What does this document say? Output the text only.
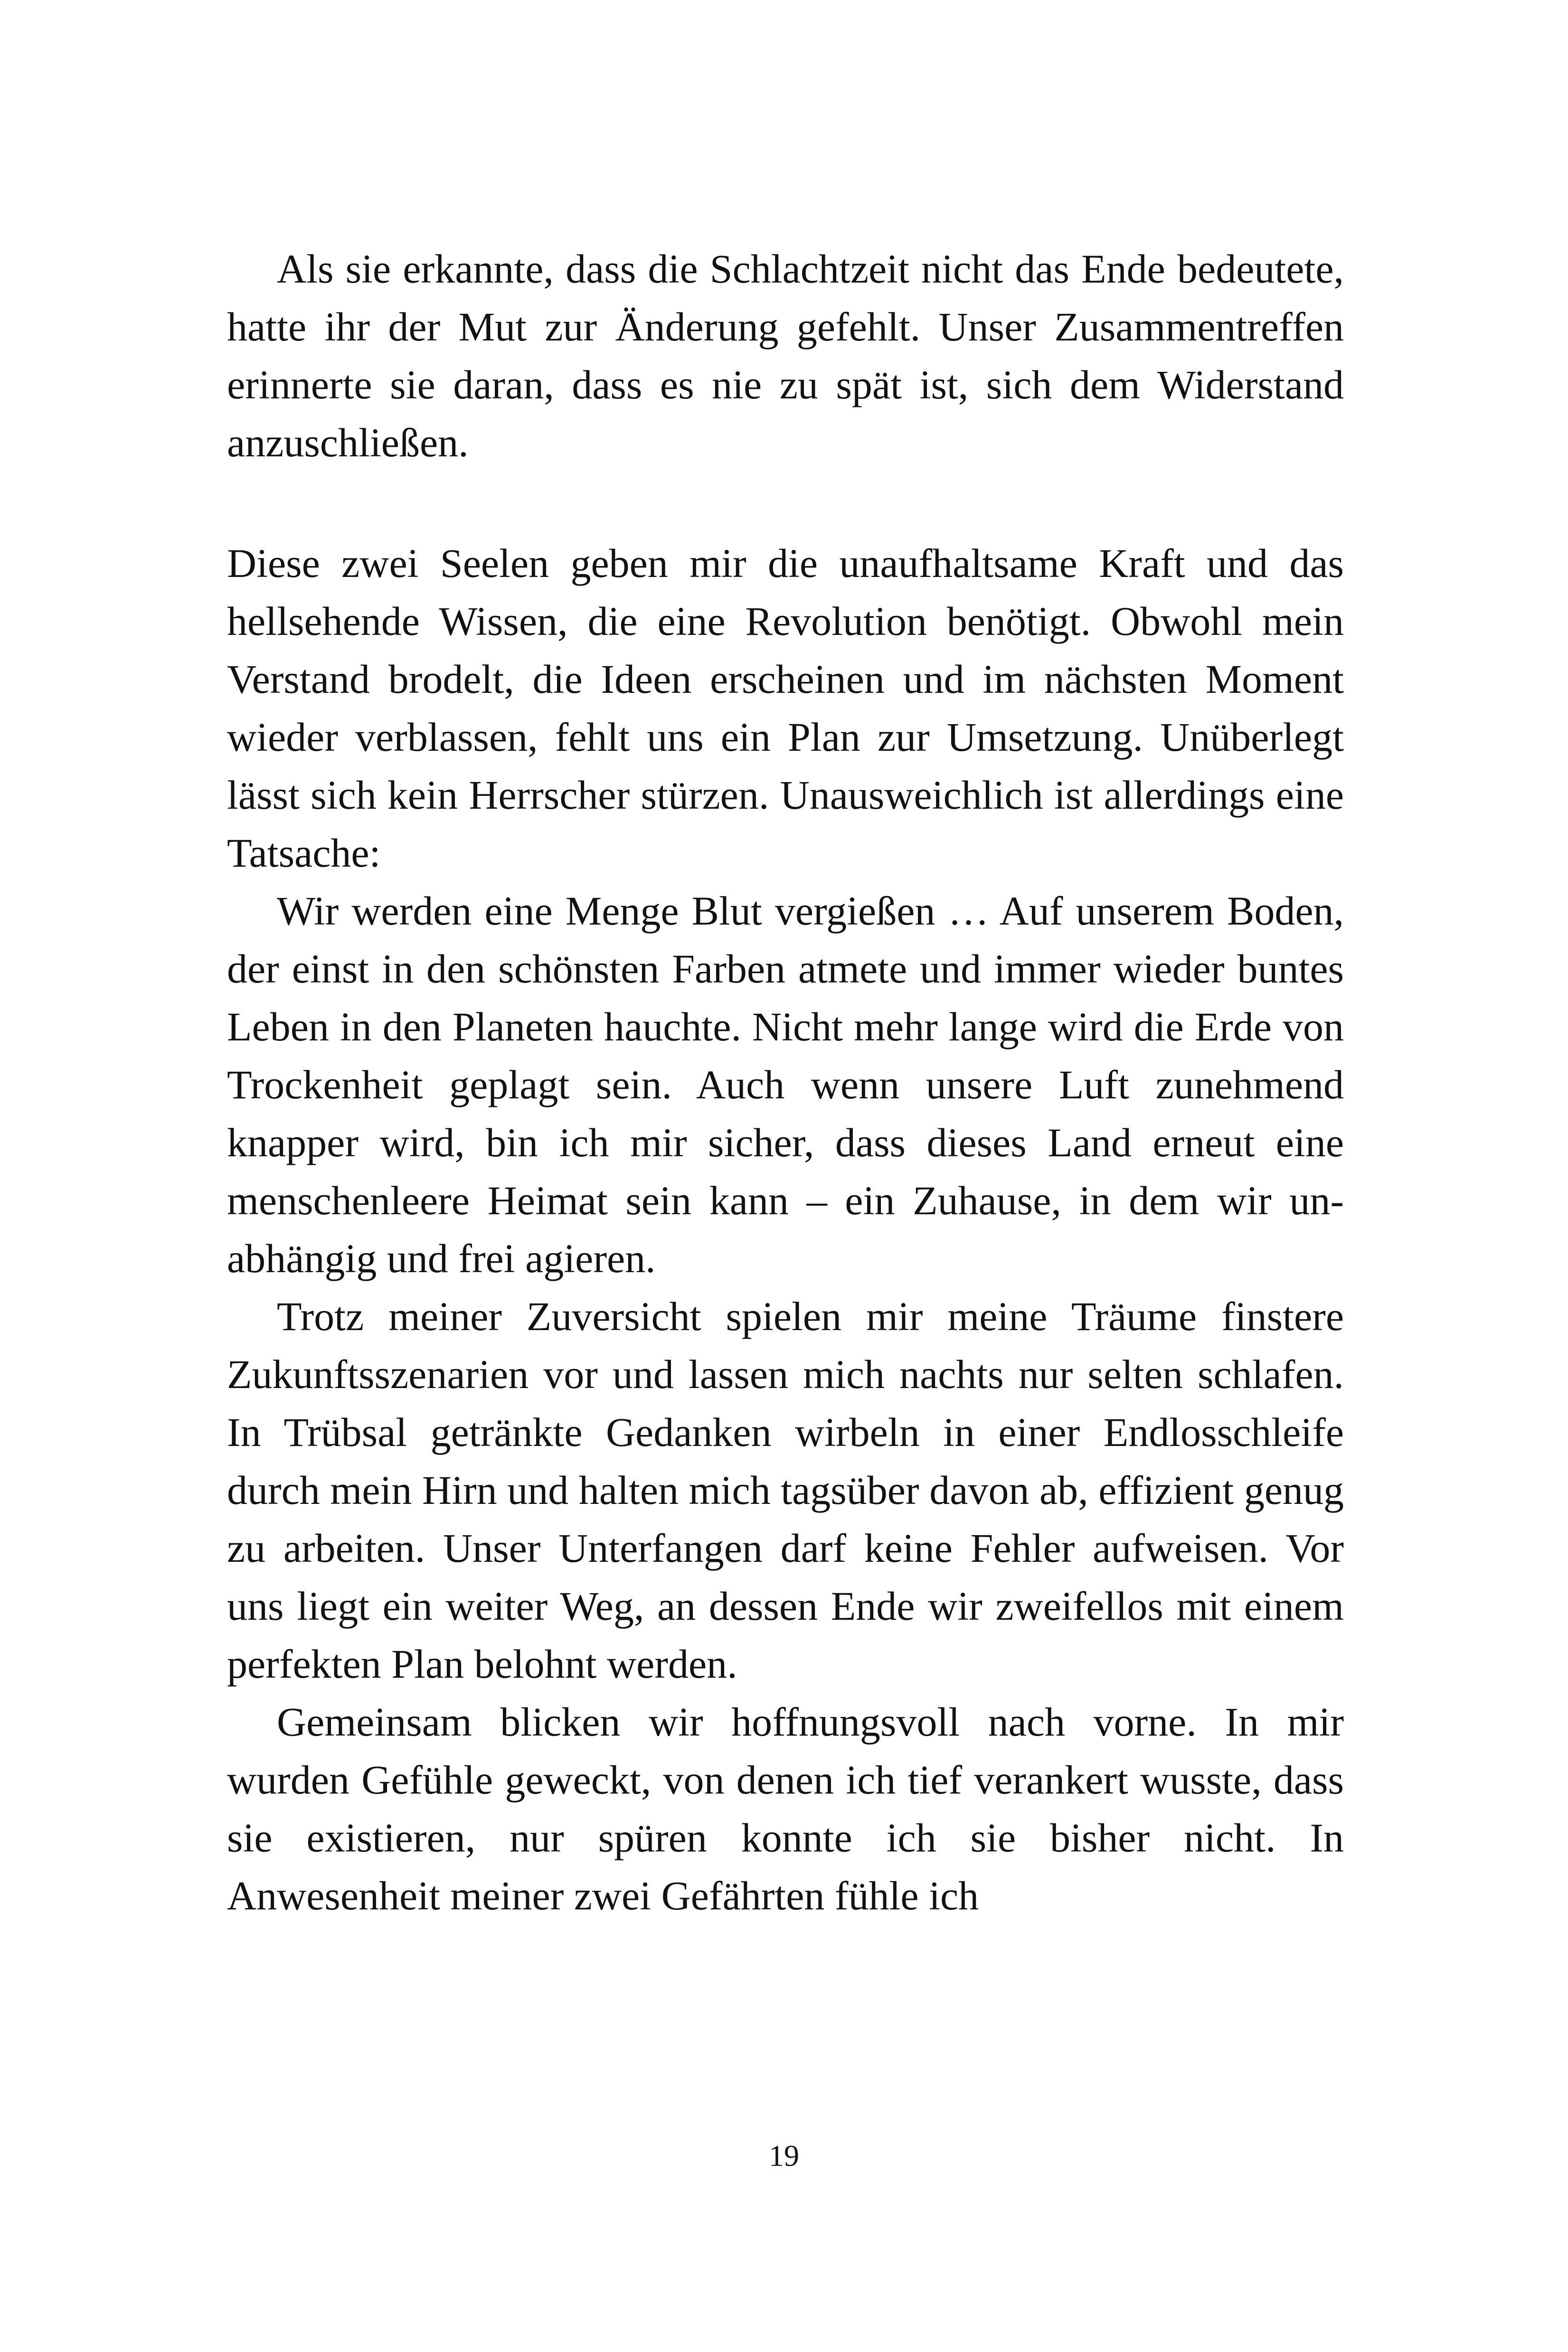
Als sie erkannte, dass die Schlachtzeit nicht das Ende bedeutete, hatte ihr der Mut zur Änderung gefehlt. Unser Zusammentreffen erinnerte sie daran, dass es nie zu spät ist, sich dem Widerstand anzuschließen.

Diese zwei Seelen geben mir die unaufhaltsame Kraft und das hellsehende Wissen, die eine Revolution benötigt. Obwohl mein Verstand brodelt, die Ideen erscheinen und im nächsten Moment wieder verblassen, fehlt uns ein Plan zur Umsetzung. Unüberlegt lässt sich kein Herrscher stürzen. Unausweichlich ist allerdings eine Tatsache:

Wir werden eine Menge Blut vergießen … Auf unserem Boden, der einst in den schönsten Farben atmete und immer wieder buntes Leben in den Planeten hauchte. Nicht mehr lange wird die Erde von Trockenheit geplagt sein. Auch wenn unsere Luft zunehmend knapper wird, bin ich mir sicher, dass dieses Land erneut eine menschenleere Heimat sein kann – ein Zuhause, in dem wir unabhängig und frei agieren.

Trotz meiner Zuversicht spielen mir meine Träume finstere Zukunftsszenarien vor und lassen mich nachts nur selten schlafen. In Trübsal getränkte Gedanken wirbeln in einer Endlosschleife durch mein Hirn und halten mich tagsüber davon ab, effizient genug zu arbeiten. Unser Unterfangen darf keine Fehler aufweisen. Vor uns liegt ein weiter Weg, an dessen Ende wir zweifellos mit einem perfekten Plan belohnt werden.

Gemeinsam blicken wir hoffnungsvoll nach vorne. In mir wurden Gefühle geweckt, von denen ich tief verankert wusste, dass sie existieren, nur spüren konnte ich sie bisher nicht. In Anwesenheit meiner zwei Gefährten fühle ich

19
